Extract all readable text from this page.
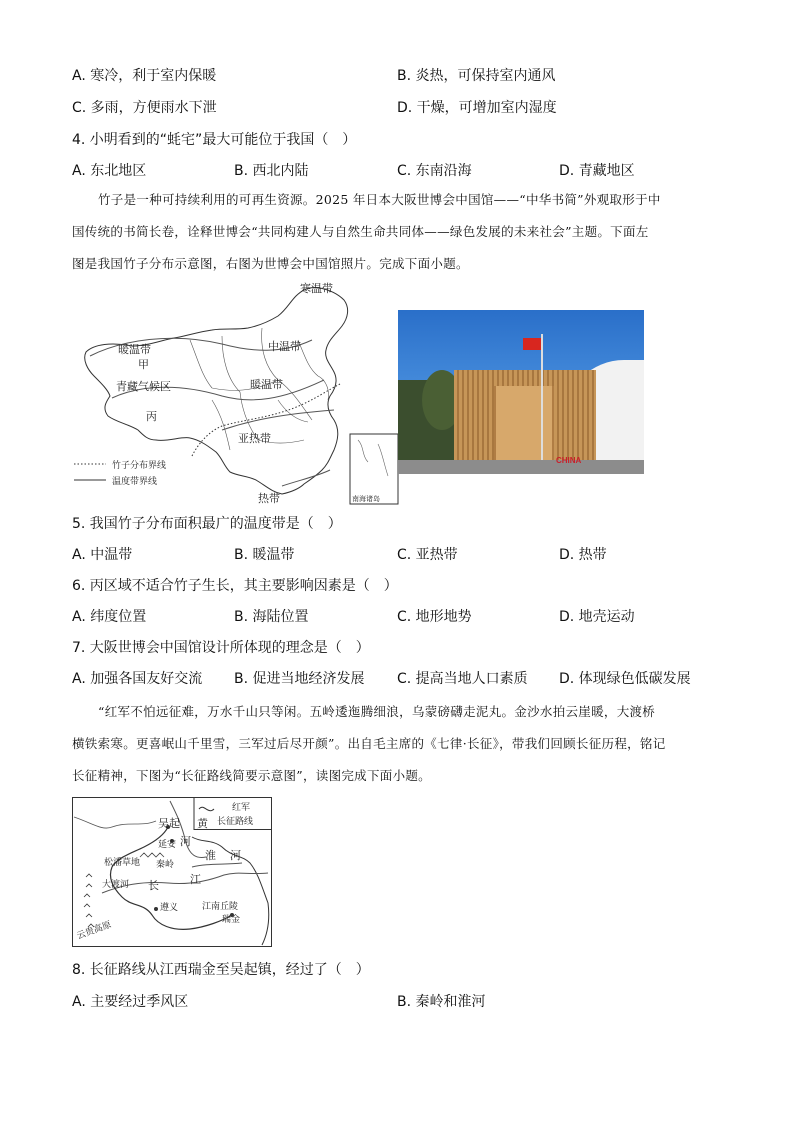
A. 寒冷，利于室内保暖	B. 炎热，可保持室内通风
C. 多雨，方便雨水下泄	D. 干燥，可增加室内湿度
4. 小明看到的“蚝宅”最大可能位于我国（　）
A. 东北地区	B. 西北内陆	C. 东南沿海	D. 青藏地区
竹子是一种可持续利用的可再生资源。2025 年日本大阪世博会中国馆——“中华书简”外观取形于中
国传统的书简长卷，诠释世博会“共同构建人与自然生命共同体——绿色发展的未来社会”主题。下面左
图是我国竹子分布示意图，右图为世博会中国馆照片。完成下面小题。
寒温带
暖温带
甲
中温带
青藏气候区	暖温带
丙
亚热带
热带
竹子分布界线
温度带界线
南海诸岛
CHINA
5. 我国竹子分布面积最广的温度带是（　）
A. 中温带	B. 暖温带	C. 亚热带	D. 热带
6. 丙区域不适合竹子生长，其主要影响因素是（　）
A. 纬度位置	B. 海陆位置	C. 地形地势	D. 地壳运动
7. 大阪世博会中国馆设计所体现的理念是（　）
A. 加强各国友好交流 B. 促进当地经济发展 C. 提高当地人口素质 D. 体现绿色低碳发展
“红军不怕远征难，万水千山只等闲。五岭逶迤腾细浪，乌蒙磅礴走泥丸。金沙水拍云崖暖，大渡桥
横铁索寒。更喜岷山千里雪，三军过后尽开颜”。出自毛主席的《七律·长征》，带我们回顾长征历程，铭记
长征精神，下图为“长征路线简要示意图”，读图完成下面小题。
红军
长征路线
吴起
延安
黄
河
秦岭
松潘草地
淮 河
长	江
遵义	江南丘陵
瑞金
云贵高原
大渡河
8. 长征路线从江西瑞金至吴起镇，经过了（　）
A. 主要经过季风区	B. 秦岭和淮河
